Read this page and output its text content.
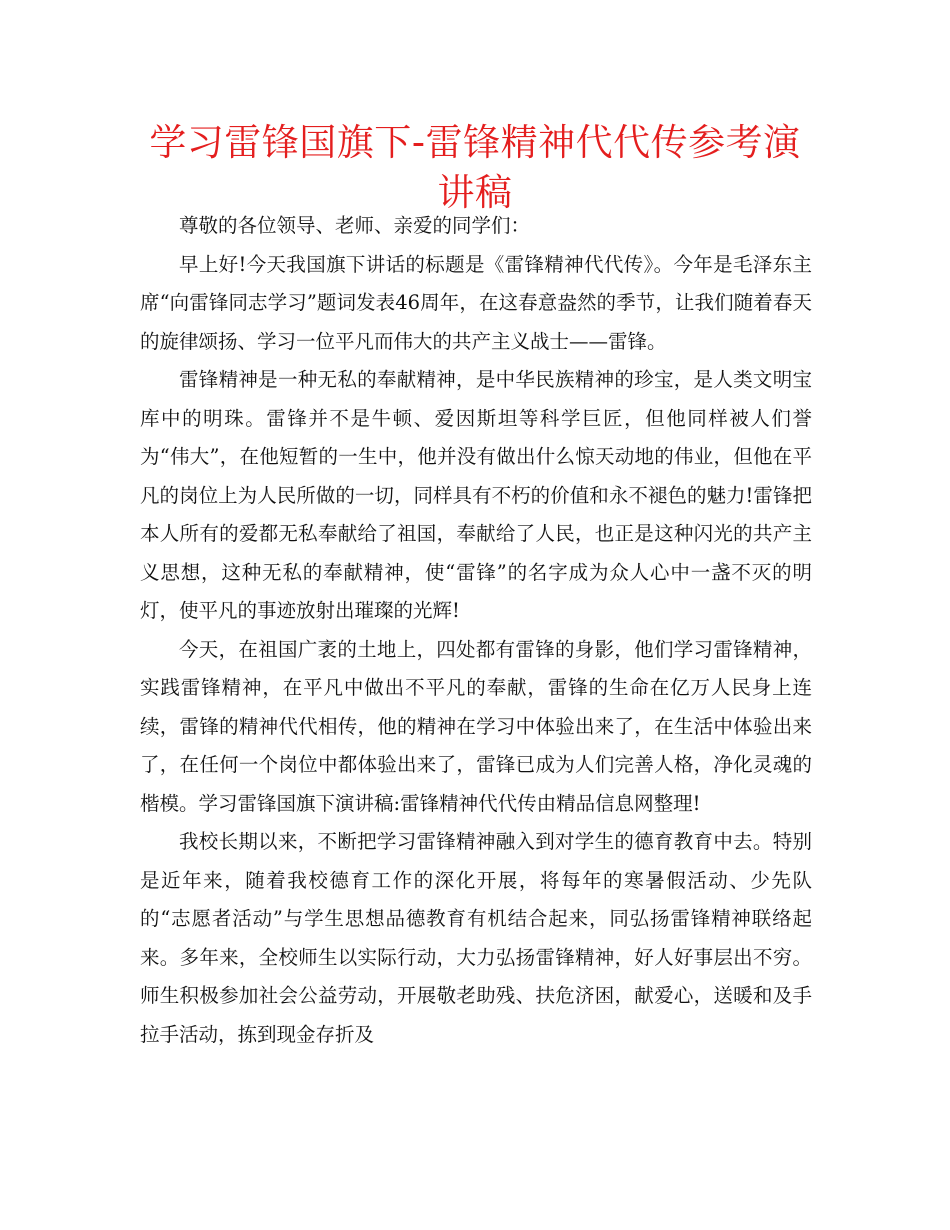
学习雷锋国旗下-雷锋精神代代传参考演讲稿

尊敬的各位领导、老师、亲爱的同学们：

早上好!今天我国旗下讲话的标题是《雷锋精神代代传》。今年是毛泽东主席“向雷锋同志学习”题词发表46周年，在这春意盎然的季节，让我们随着春天的旋律颂扬、学习一位平凡而伟大的共产主义战士——雷锋。

雷锋精神是一种无私的奉献精神，是中华民族精神的珍宝，是人类文明宝库中的明珠。雷锋并不是牛顿、爱因斯坦等科学巨匠，但他同样被人们誉为“伟大”，在他短暂的一生中，他并没有做出什么惊天动地的伟业，但他在平凡的岗位上为人民所做的一切，同样具有不朽的价值和永不褪色的魅力!雷锋把本人所有的爱都无私奉献给了祖国，奉献给了人民，也正是这种闪光的共产主义思想，这种无私的奉献精神，使“雷锋”的名字成为众人心中一盏不灭的明灯，使平凡的事迹放射出璀璨的光辉!

今天，在祖国广袤的土地上，四处都有雷锋的身影，他们学习雷锋精神，实践雷锋精神，在平凡中做出不平凡的奉献，雷锋的生命在亿万人民身上连续，雷锋的精神代代相传，他的精神在学习中体验出来了，在生活中体验出来了，在任何一个岗位中都体验出来了，雷锋已成为人们完善人格，净化灵魂的楷模。学习雷锋国旗下演讲稿:雷锋精神代代传由精品信息网整理!

我校长期以来，不断把学习雷锋精神融入到对学生的德育教育中去。特别是近年来，随着我校德育工作的深化开展，将每年的寒暑假活动、少先队的“志愿者活动”与学生思想品德教育有机结合起来，同弘扬雷锋精神联络起来。多年来，全校师生以实际行动，大力弘扬雷锋精神，好人好事层出不穷。师生积极参加社会公益劳动，开展敬老助残、扶危济困，献爱心，送暖和及手拉手活动，拣到现金存折及
